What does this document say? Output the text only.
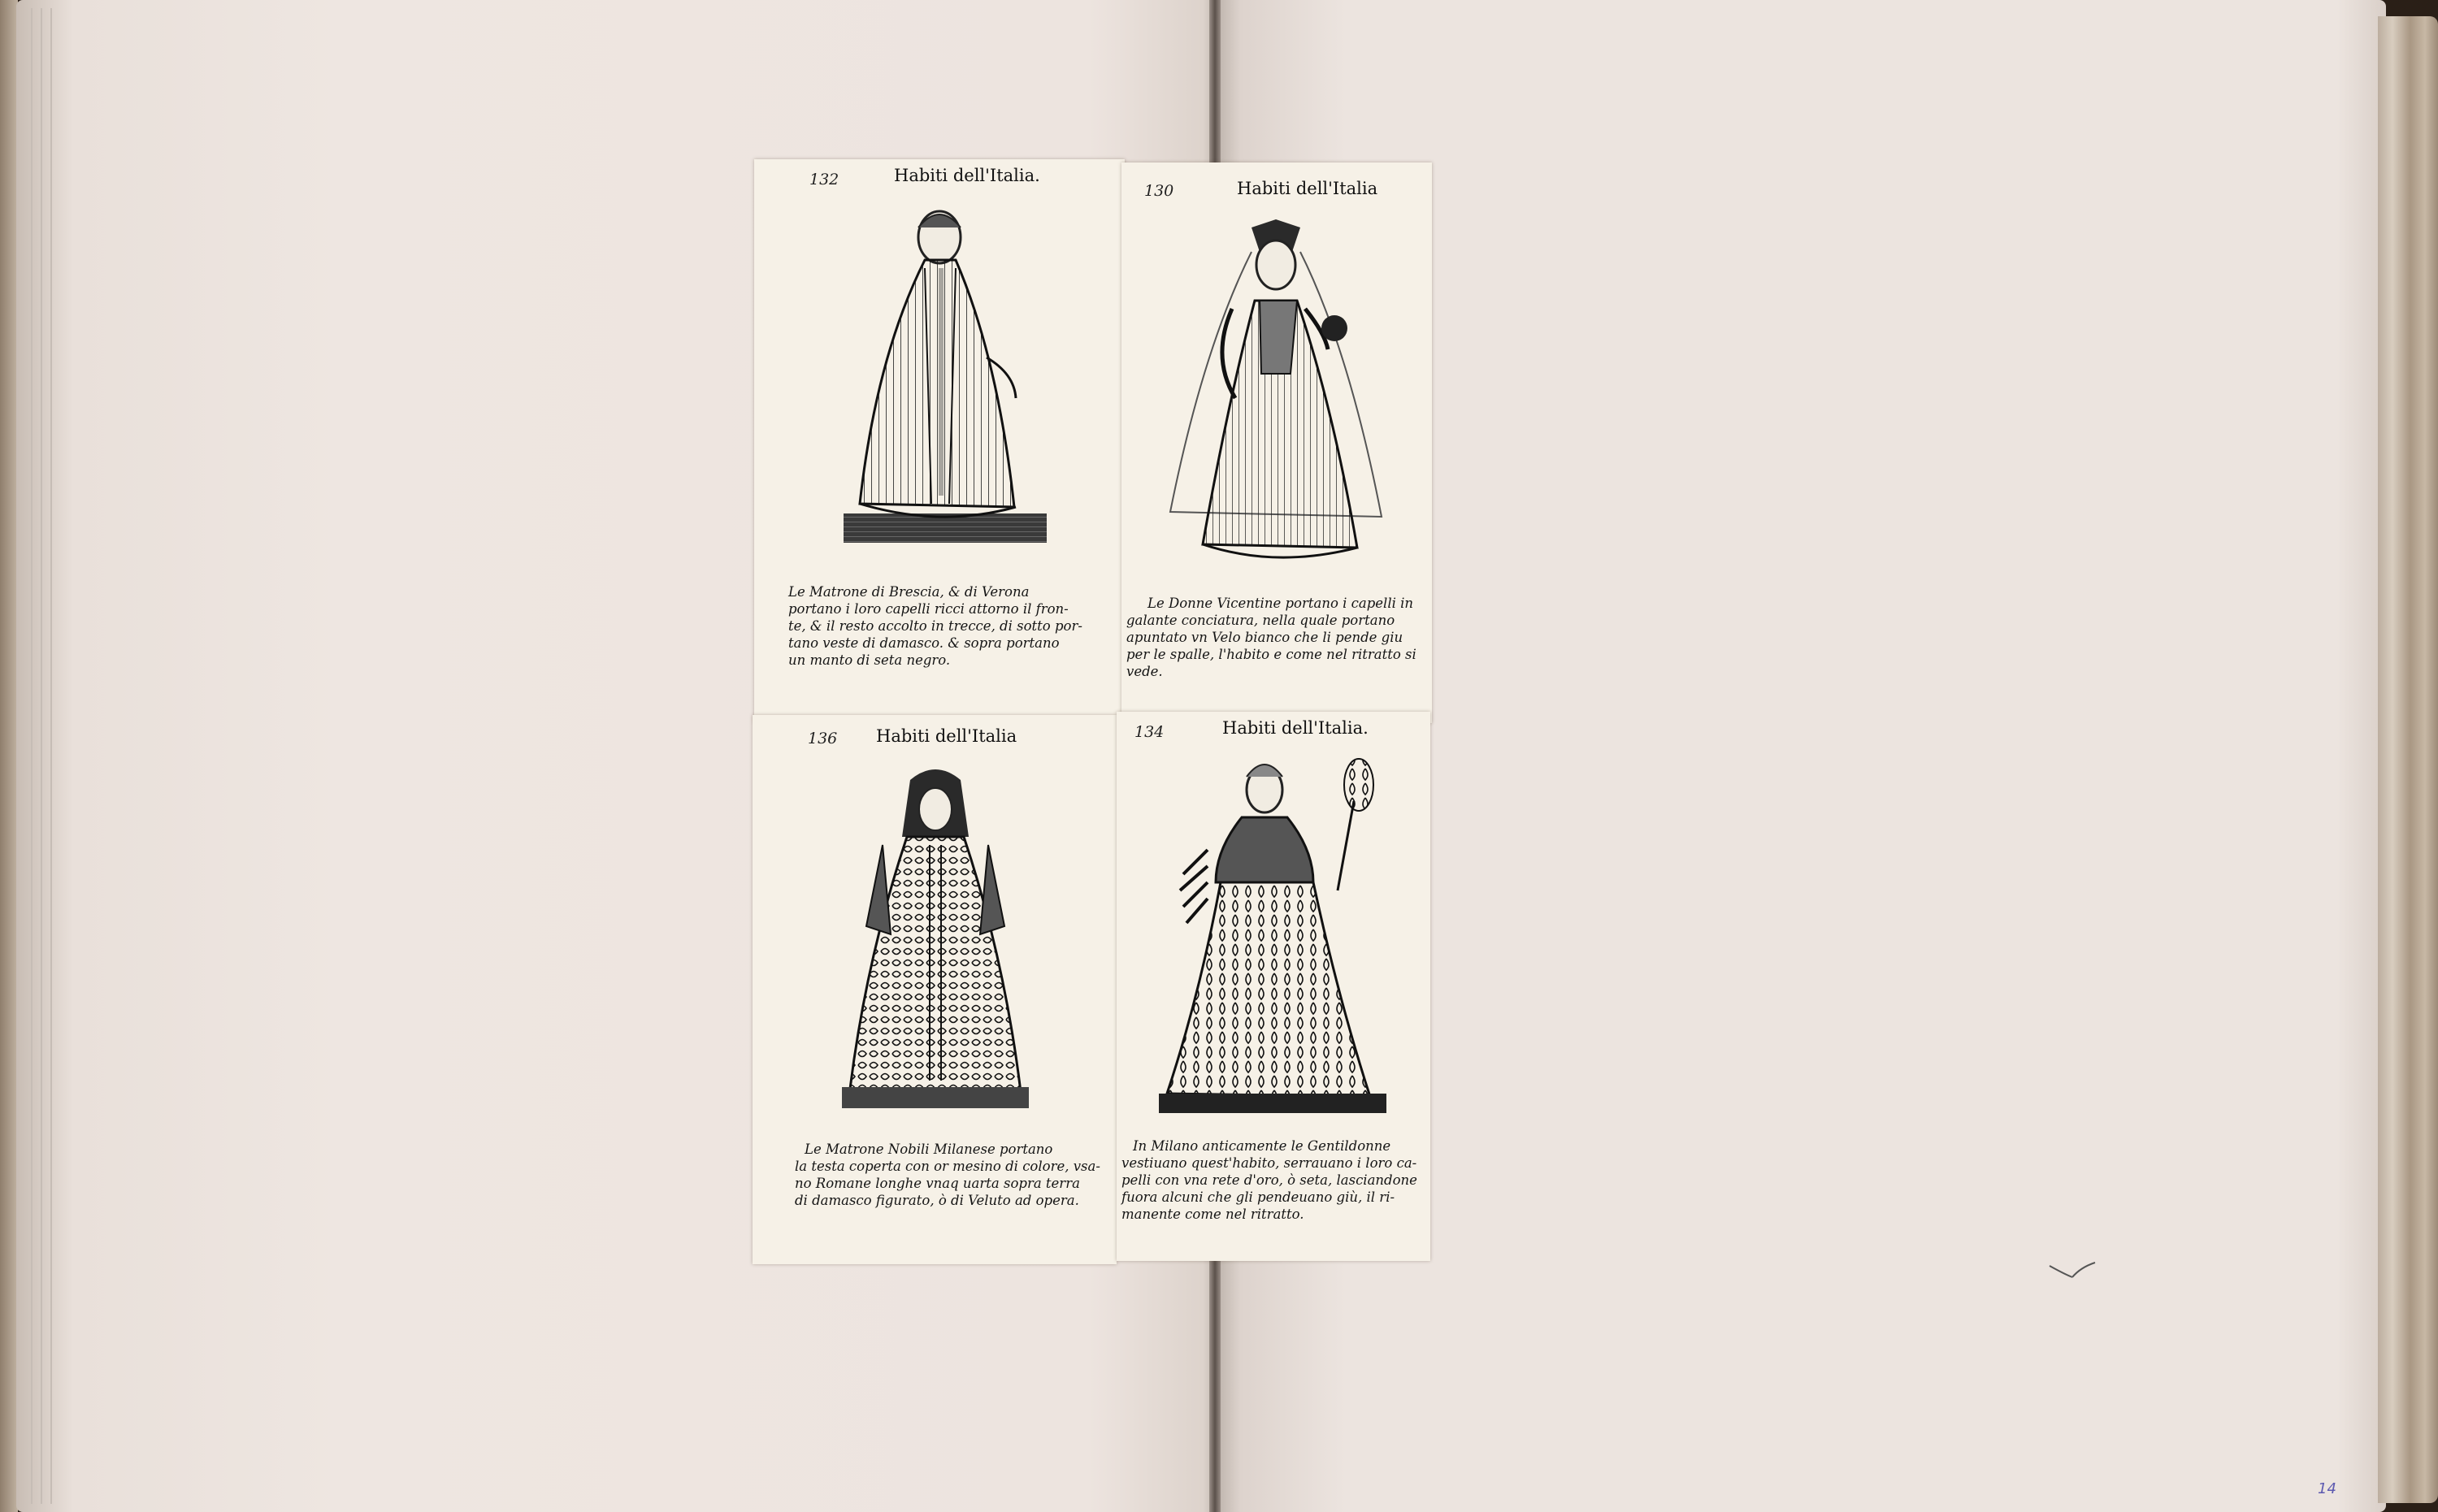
132	Habiti dell'Italia.

Le Matrone di Brescia, & di Verona

portano i loro capelli ricci attorno il fron-

te, & il resto accolto in trecce, di sotto por-

tano veste di damasco. & sopra portano

un manto di seta negro.

130	Habiti dell'Italia

Le Donne Vicentine portano i capelli in

galante conciatura, nella quale portano

apuntato vn Velo bianco che li pende giu

per le spalle, l'habito e come nel ritratto si

vede.

136 Habiti dell'Italia

Le Matrone Nobili Milanese portano

la testa coperta con or mesino di colore, vsa-

no Romane longhe vnaq uarta sopra terra

di damasco figurato, ò di Veluto ad opera.

134	Habiti dell'Italia.

In Milano anticamente le Gentildonne

vestiuano quest'habito, serrauano i loro ca-

pelli con vna rete d'oro, ò seta, lasciandone

fuora alcuni che gli pendeuano giù, il ri-

manente come nel ritratto.

14
